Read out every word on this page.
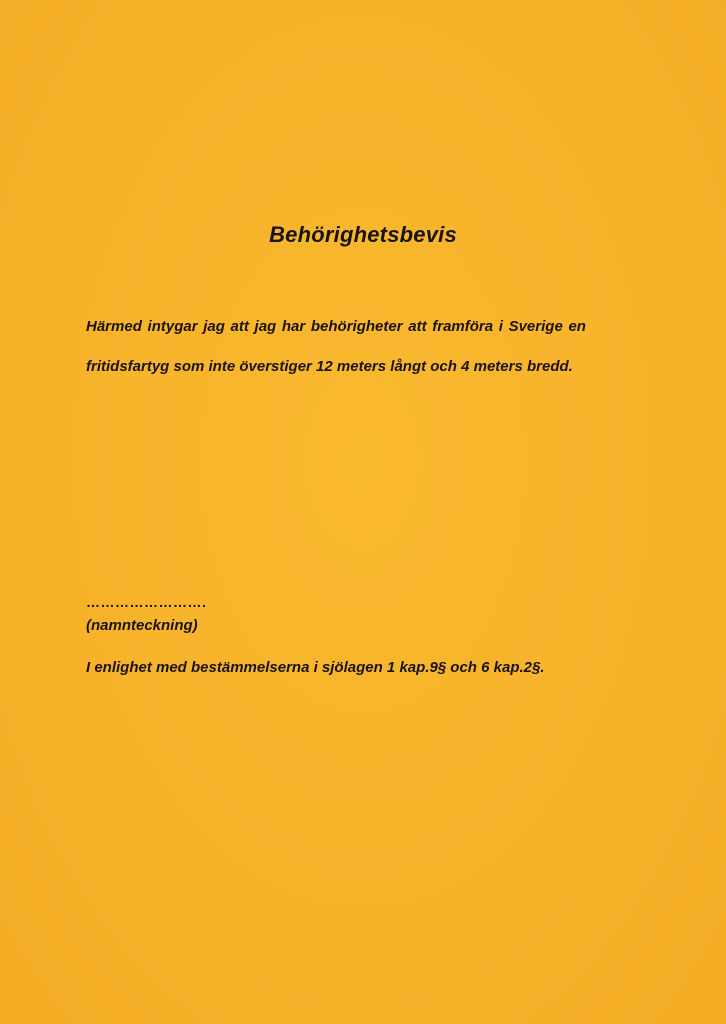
Behörighetsbevis

Härmed intygar jag att jag har behörigheter att framföra i Sverige en

fritidsfartyg som inte överstiger 12 meters långt och 4 meters bredd.

…………………….
(namnteckning)
I enlighet med bestämmelserna i sjölagen 1 kap.9§ och 6 kap.2§.
